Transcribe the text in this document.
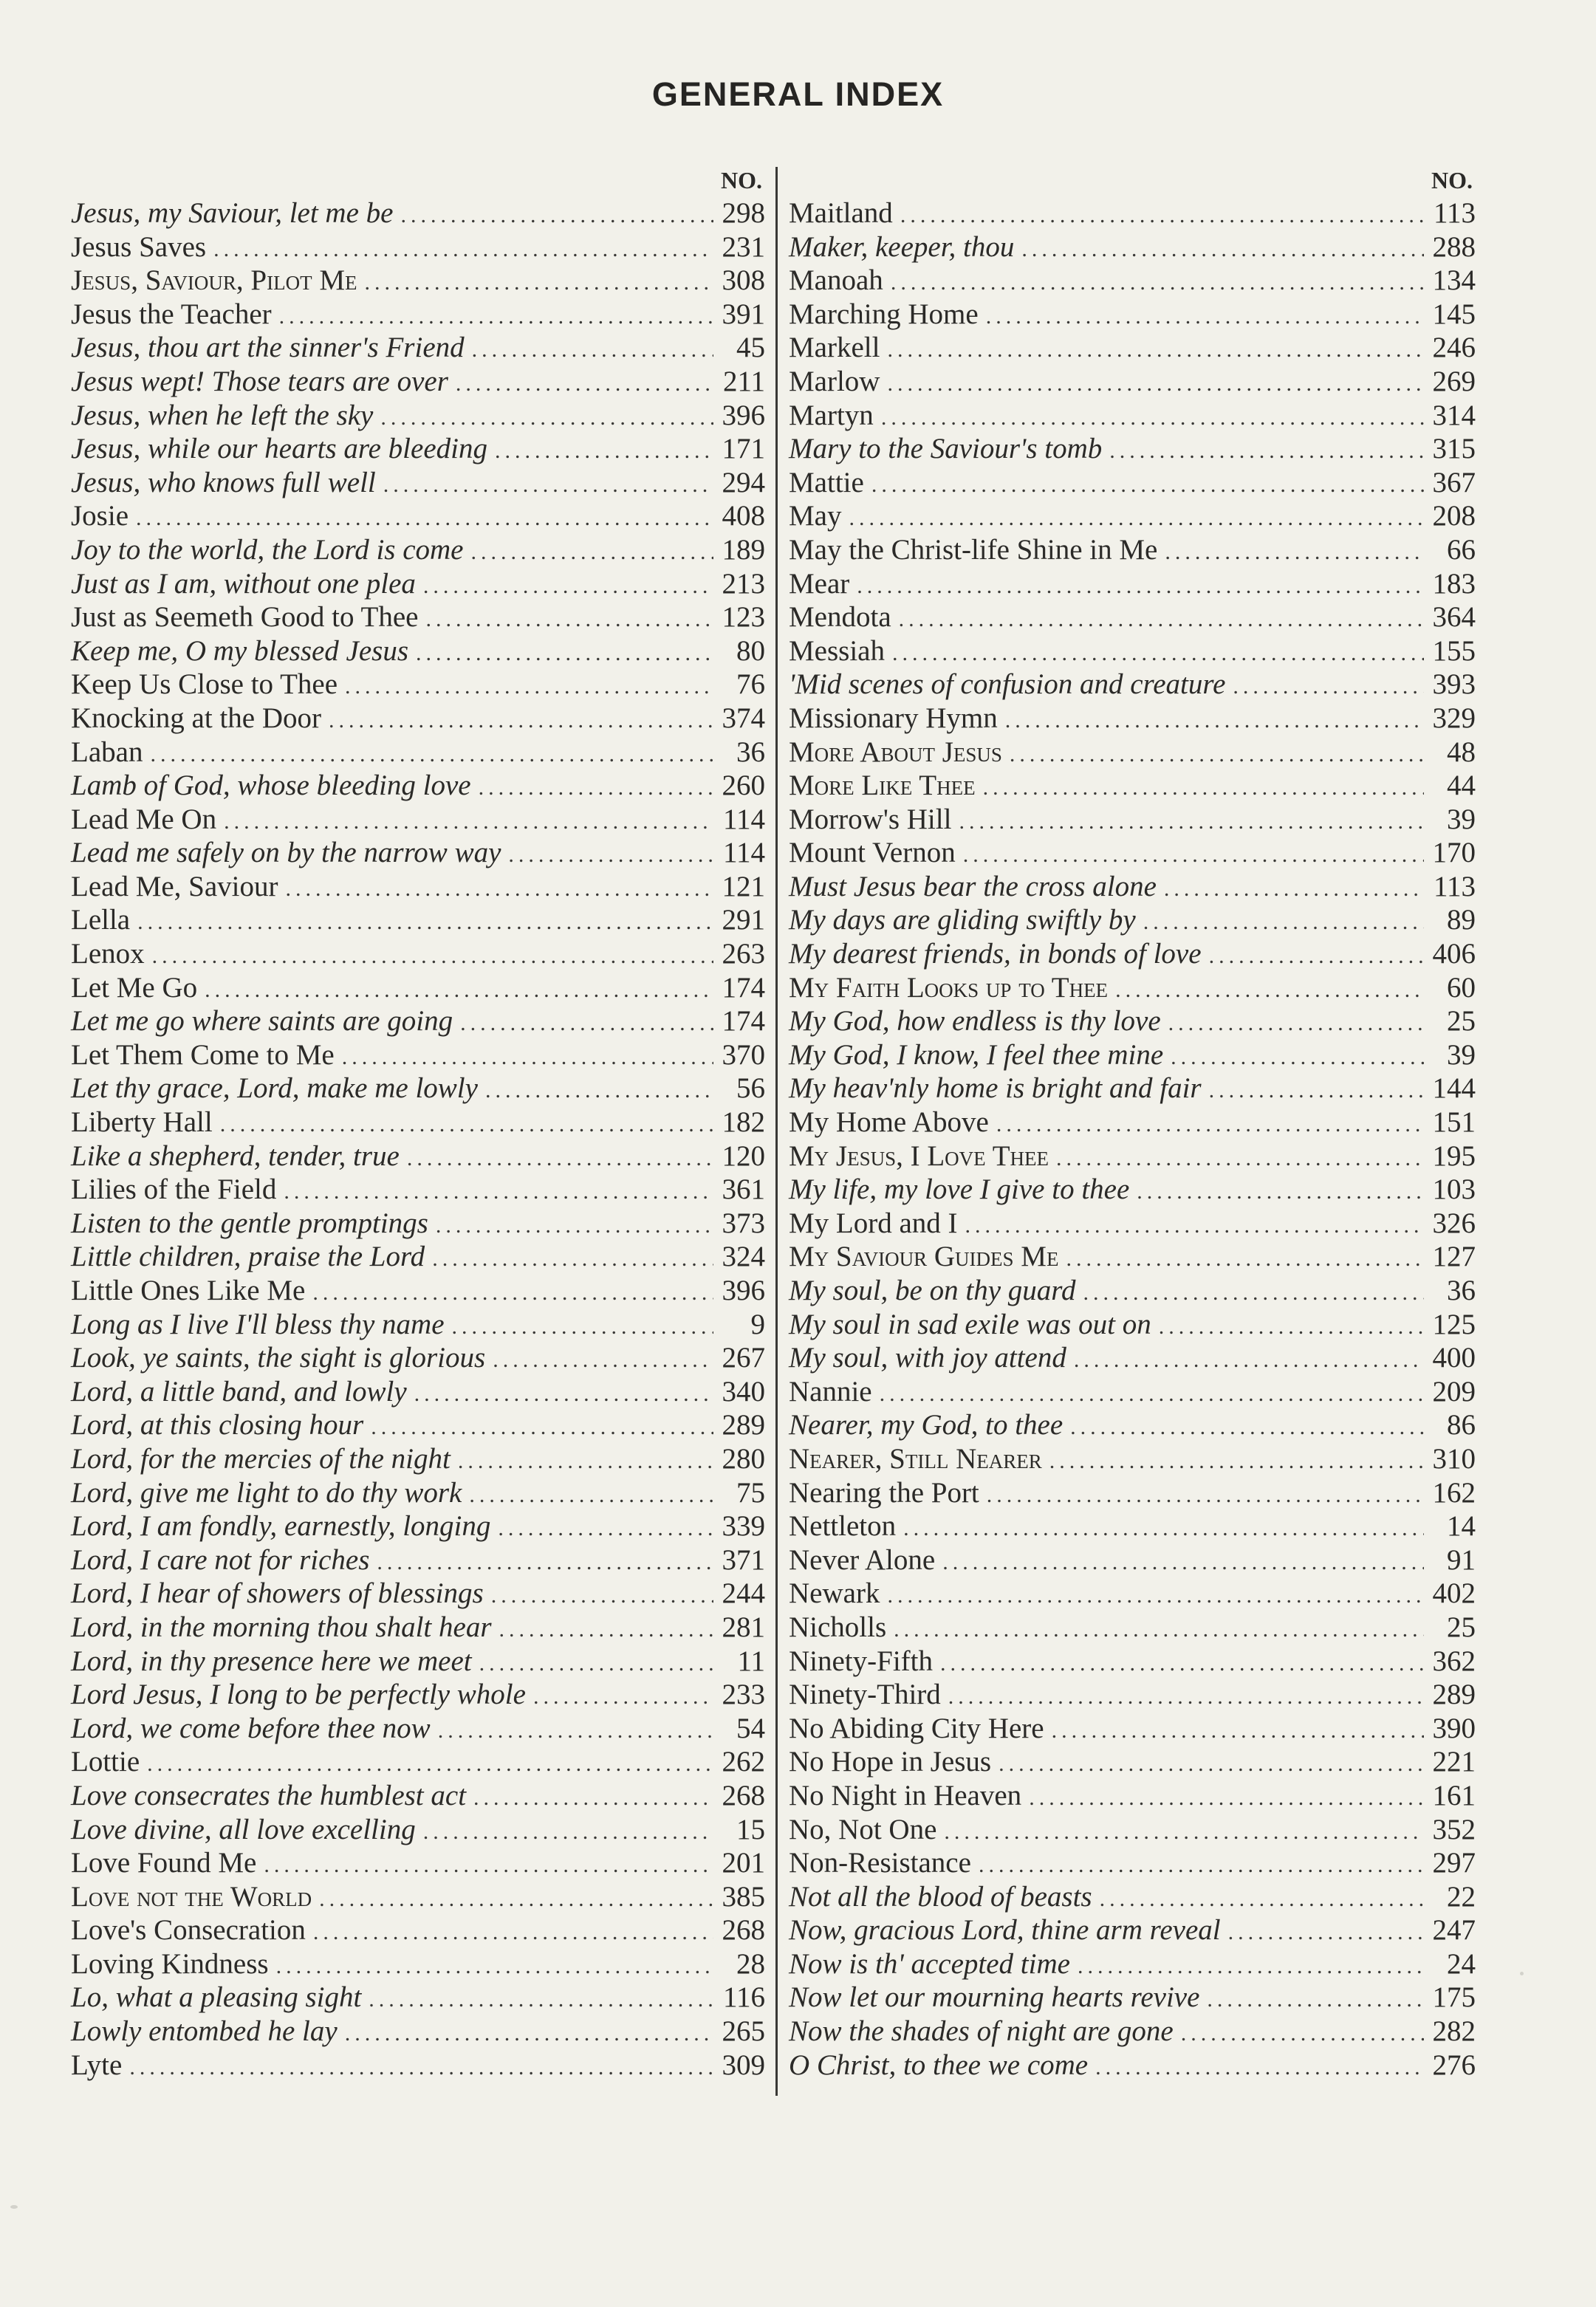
GENERAL INDEX
NO.
Jesus, my Saviour, let me be .....	298
Jesus Saves .....	231
Jesus, Saviour, Pilot Me .....	308
Jesus the Teacher .....	391
Jesus, thou art the sinner's Friend .....	45
Jesus wept! Those tears are over .....	211
Jesus, when he left the sky .....	396
Jesus, while our hearts are bleeding .....	171
Jesus, who knows full well .....	294
Josie .....	408
Joy to the world, the Lord is come .....	189
Just as I am, without one plea .....	213
Just as Seemeth Good to Thee .....	123
Keep me, O my blessed Jesus .....	80
Keep Us Close to Thee .....	76
Knocking at the Door .....	374
Laban .....	36
Lamb of God, whose bleeding love .....	260
Lead Me On .....	114
Lead me safely on by the narrow way .....	114
Lead Me, Saviour .....	121
Lella .....	291
Lenox .....	263
Let Me Go .....	174
Let me go where saints are going .....	174
Let Them Come to Me .....	370
Let thy grace, Lord, make me lowly .....	56
Liberty Hall .....	182
Like a shepherd, tender, true .....	120
Lilies of the Field .....	361
Listen to the gentle promptings .....	373
Little children, praise the Lord .....	324
Little Ones Like Me .....	396
Long as I live I'll bless thy name .....	9
Look, ye saints, the sight is glorious .....	267
Lord, a little band, and lowly .....	340
Lord, at this closing hour .....	289
Lord, for the mercies of the night .....	280
Lord, give me light to do thy work .....	75
Lord, I am fondly, earnestly, longing .....	339
Lord, I care not for riches .....	371
Lord, I hear of showers of blessings .....	244
Lord, in the morning thou shalt hear .....	281
Lord, in thy presence here we meet .....	11
Lord Jesus, I long to be perfectly whole .....	233
Lord, we come before thee now .....	54
Lottie .....	262
Love consecrates the humblest act .....	268
Love divine, all love excelling .....	15
Love Found Me .....	201
Love not the World .....	385
Love's Consecration .....	268
Loving Kindness .....	28
Lo, what a pleasing sight .....	116
Lowly entombed he lay .....	265
Lyte .....	309
NO.
Maitland .....	113
Maker, keeper, thou .....	288
Manoah .....	134
Marching Home .....	145
Markell .....	246
Marlow .....	269
Martyn .....	314
Mary to the Saviour's tomb .....	315
Mattie .....	367
May .....	208
May the Christ-life Shine in Me .....	66
Mear .....	183
Mendota .....	364
Messiah .....	155
'Mid scenes of confusion and creature .....	393
Missionary Hymn .....	329
More About Jesus .....	48
More Like Thee .....	44
Morrow's Hill .....	39
Mount Vernon .....	170
Must Jesus bear the cross alone .....	113
My days are gliding swiftly by .....	89
My dearest friends, in bonds of love .....	406
My Faith Looks up to Thee .....	60
My God, how endless is thy love .....	25
My God, I know, I feel thee mine .....	39
My heav'nly home is bright and fair .....	144
My Home Above .....	151
My Jesus, I Love Thee .....	195
My life, my love I give to thee .....	103
My Lord and I .....	326
My Saviour Guides Me .....	127
My soul, be on thy guard .....	36
My soul in sad exile was out on .....	125
My soul, with joy attend .....	400
Nannie .....	209
Nearer, my God, to thee .....	86
Nearer, Still Nearer .....	310
Nearing the Port .....	162
Nettleton .....	14
Never Alone .....	91
Newark .....	402
Nicholls .....	25
Ninety-Fifth .....	362
Ninety-Third .....	289
No Abiding City Here .....	390
No Hope in Jesus .....	221
No Night in Heaven .....	161
No, Not One .....	352
Non-Resistance .....	297
Not all the blood of beasts .....	22
Now, gracious Lord, thine arm reveal .....	247
Now is th' accepted time .....	24
Now let our mourning hearts revive .....	175
Now the shades of night are gone .....	282
O Christ, to thee we come .....	276
